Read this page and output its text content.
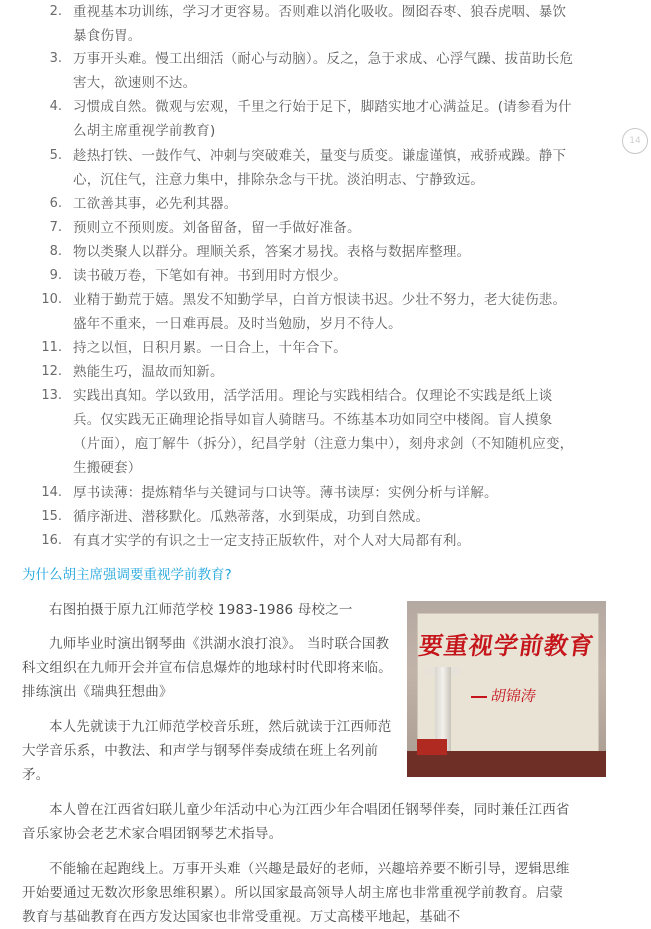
2. 重视基本功训练，学习才更容易。否则难以消化吸收。囫囵吞枣、狼吞虎咽、暴饮暴食伤胃。
3. 万事开头难。慢工出细活（耐心与动脑）。反之，急于求成、心浮气躁、拔苗助长危害大，欲速则不达。
4. 习惯成自然。微观与宏观，千里之行始于足下，脚踏实地才心满益足。(请参看为什么胡主席重视学前教育)
5. 趁热打铁、一鼓作气、冲刺与突破难关，量变与质变。谦虚谨慎，戒骄戒躁。静下心，沉住气，注意力集中，排除杂念与干扰。淡泊明志、宁静致远。
6. 工欲善其事，必先利其器。
7. 预则立不预则废。刘备留备，留一手做好准备。
8. 物以类聚人以群分。理顺关系，答案才易找。表格与数据库整理。
9. 读书破万卷，下笔如有神。书到用时方恨少。
10. 业精于勤荒于嬉。黑发不知勤学早，白首方恨读书迟。少壮不努力，老大徒伤悲。盛年不重来，一日难再晨。及时当勉励，岁月不待人。
11. 持之以恒，日积月累。一日合上，十年合下。
12. 熟能生巧，温故而知新。
13. 实践出真知。学以致用，活学活用。理论与实践相结合。仅理论不实践是纸上谈兵。仅实践无正确理论指导如盲人骑瞎马。不练基本功如同空中楼阁。盲人摸象（片面），庖丁解牛（拆分），纪昌学射（注意力集中），刻舟求剑（不知随机应变，生搬硬套）
14. 厚书读薄：提炼精华与关键词与口诀等。薄书读厚：实例分析与详解。
15. 循序渐进、潜移默化。瓜熟蒂落，水到渠成，功到自然成。
16. 有真才实学的有识之士一定支持正版软件，对个人对大局都有利。
14
为什么胡主席强调要重视学前教育?

右图拍摄于原九江师范学校 1983-1986 母校之一

九师毕业时演出钢琴曲《洪湖水浪打浪》。 当时联合国教科文组织在九师开会并宣布信息爆炸的地球村时代即将来临。排练演出《瑞典狂想曲》

本人先就读于九江师范学校音乐班，然后就读于江西师范大学音乐系，中教法、和声学与钢琴伴奏成绩在班上名列前矛。

本人曾在江西省妇联儿童少年活动中心为江西少年合唱团任钢琴伴奏，同时兼任江西省音乐家协会老艺术家合唱团钢琴艺术指导。

不能输在起跑线上。万事开头难（兴趣是最好的老师，兴趣培养要不断引导，逻辑思维开始要通过无数次形象思维积累）。所以国家最高领导人胡主席也非常重视学前教育。启蒙教育与基础教育在西方发达国家也非常受重视。万丈高楼平地起，基础不

要重视学前教育
胡锦涛
